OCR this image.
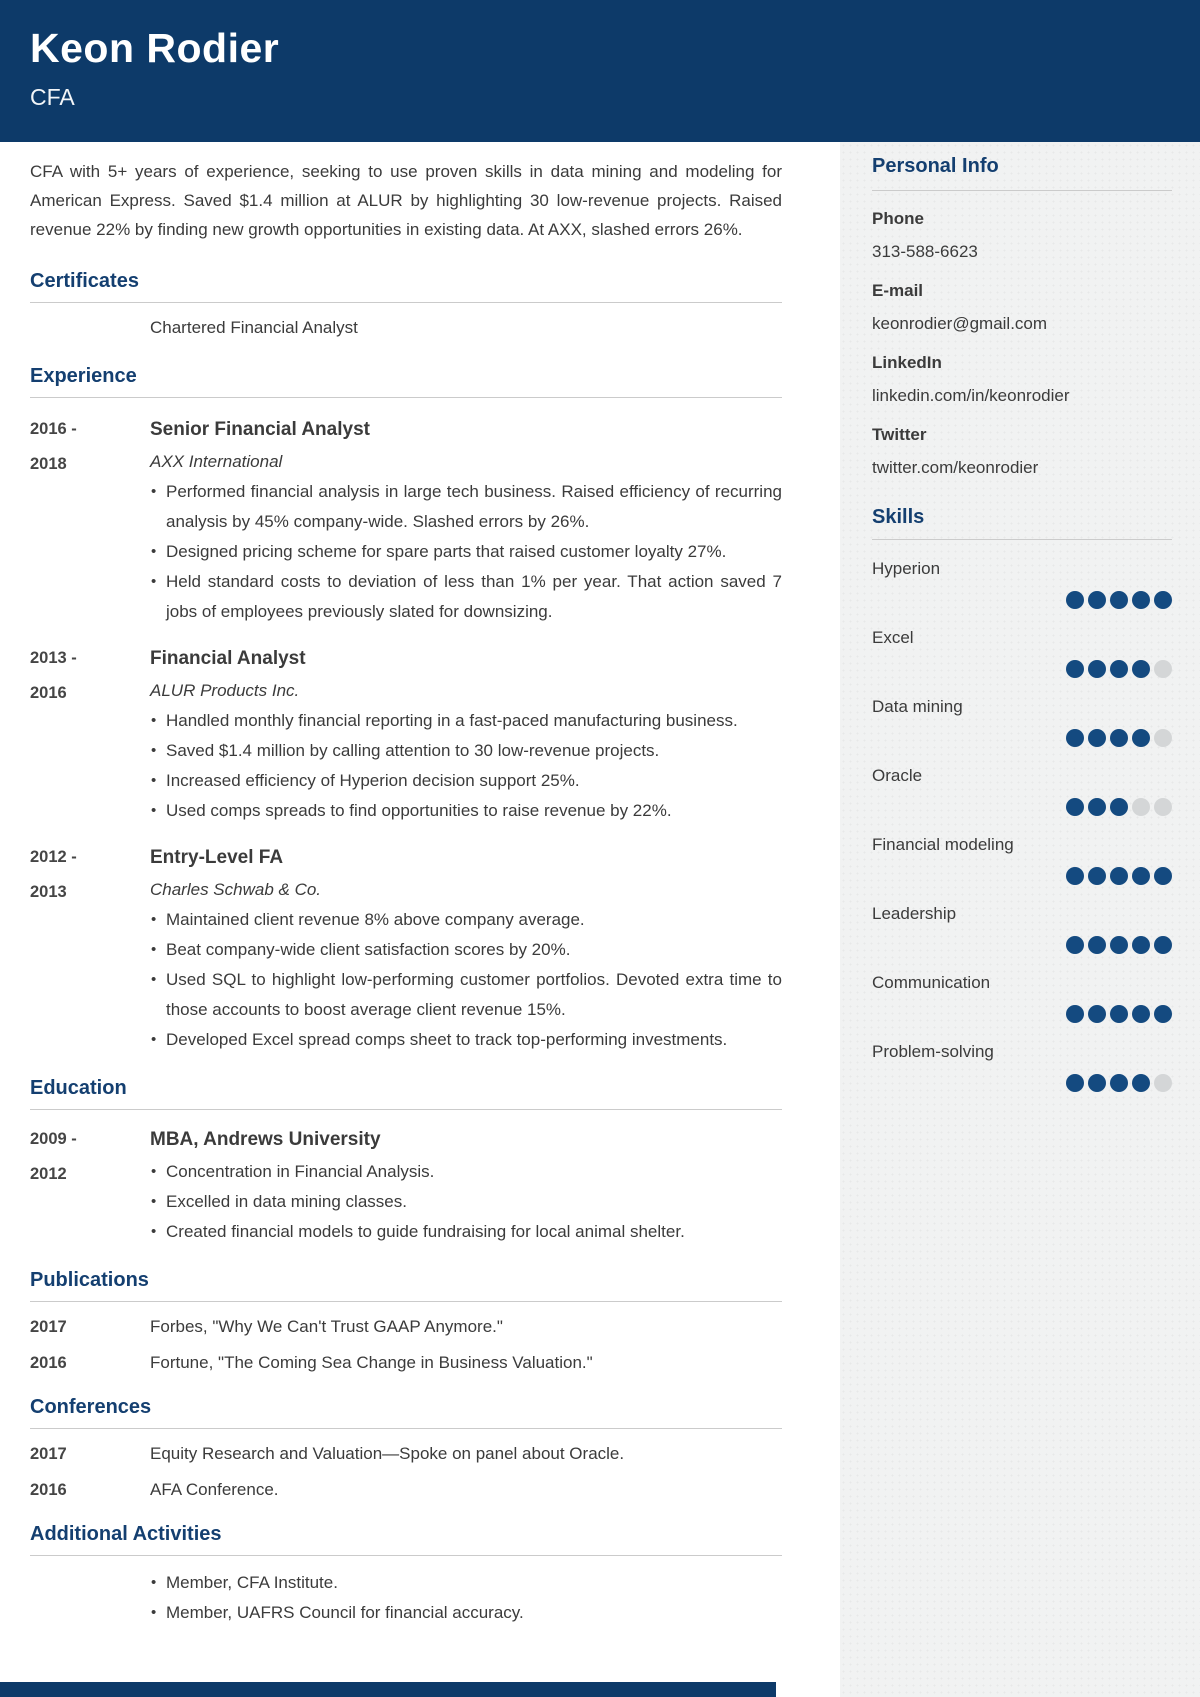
Keon Rodier
CFA
Personal Info
Phone
313-588-6623
E-mail
keonrodier@gmail.com
LinkedIn
linkedin.com/in/keonrodier
Twitter
twitter.com/keonrodier
Skills
Hyperion
Excel
Data mining
Oracle
Financial modeling
Leadership
Communication
Problem-solving

CFA with 5+ years of experience, seeking to use proven skills in data mining and modeling for American Express. Saved $1.4 million at ALUR by highlighting 30 low-revenue projects. Raised revenue 22% by finding new growth opportunities in existing data. At AXX, slashed errors 26%.

Certificates
Chartered Financial Analyst
Experience
2016 -
2018
Senior Financial Analyst
AXX International
• Performed financial analysis in large tech business. Raised efficiency of recurring analysis by 45% company-wide. Slashed errors by 26%.
• Designed pricing scheme for spare parts that raised customer loyalty 27%.
• Held standard costs to deviation of less than 1% per year. That action saved 7 jobs of employees previously slated for downsizing.
2013 -
2016
Financial Analyst
ALUR Products Inc.
• Handled monthly financial reporting in a fast-paced manufacturing business.
• Saved $1.4 million by calling attention to 30 low-revenue projects.
• Increased efficiency of Hyperion decision support 25%.
• Used comps spreads to find opportunities to raise revenue by 22%.
2012 -
2013
Entry-Level FA
Charles Schwab & Co.
• Maintained client revenue 8% above company average.
• Beat company-wide client satisfaction scores by 20%.
• Used SQL to highlight low-performing customer portfolios. Devoted extra time to those accounts to boost average client revenue 15%.
• Developed Excel spread comps sheet to track top-performing investments.
Education
2009 -
2012
MBA, Andrews University
• Concentration in Financial Analysis.
• Excelled in data mining classes.
• Created financial models to guide fundraising for local animal shelter.
Publications
2017	Forbes, "Why We Can't Trust GAAP Anymore."
2016	Fortune, "The Coming Sea Change in Business Valuation."
Conferences
2017	Equity Research and Valuation—Spoke on panel about Oracle.
2016	AFA Conference.
Additional Activities
• Member, CFA Institute.
• Member, UAFRS Council for financial accuracy.
